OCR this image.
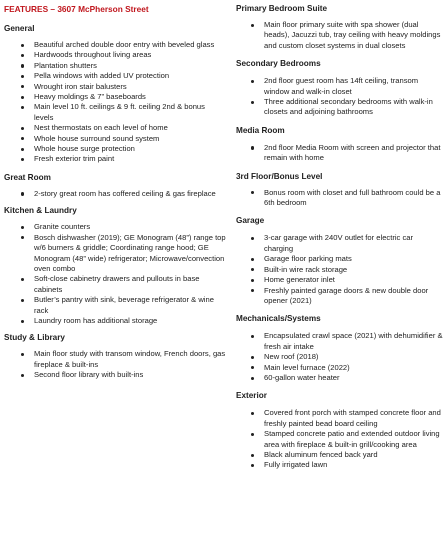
FEATURES – 3607 McPherson Street
General
Beautiful arched double door entry with beveled glass
Hardwoods throughout living areas
Plantation shutters
Pella windows with added UV protection
Wrought iron stair balusters
Heavy moldings & 7” baseboards
Main level 10 ft. ceilings & 9 ft. ceiling 2nd & bonus levels
Nest thermostats on each level of home
Whole house surround sound system
Whole house surge protection
Fresh exterior trim paint
Great Room
2-story great room has coffered ceiling & gas fireplace
Kitchen & Laundry
Granite counters
Bosch dishwasher (2019); GE Monogram (48”) range top w/6 burners & griddle; Coordinating range hood; GE Monogram (48” wide) refrigerator; Microwave/convection oven combo
Soft-close cabinetry drawers and pullouts in base cabinets
Butler’s pantry with sink, beverage refrigerator & wine rack
Laundry room has additional storage
Study & Library
Main floor study with transom window, French doors, gas fireplace & built-ins
Second floor library with built-ins
Primary Bedroom Suite
Main floor primary suite with spa shower (dual heads), Jacuzzi tub, tray ceiling with heavy moldings and custom closet systems in dual closets
Secondary Bedrooms
2nd floor guest room has 14ft ceiling, transom window and walk-in closet
Three additional secondary bedrooms with walk-in closets and adjoining bathrooms
Media Room
2nd floor Media Room with screen and projector that remain with home
3rd Floor/Bonus Level
Bonus room with closet and full bathroom could be a 6th bedroom
Garage
3-car garage with 240V outlet for electric car charging
Garage floor parking mats
Built-in wire rack storage
Home generator inlet
Freshly painted garage doors & new double door opener (2021)
Mechanicals/Systems
Encapsulated crawl space (2021) with dehumidifier & fresh air intake
New roof (2018)
Main level furnace (2022)
60-gallon water heater
Exterior
Covered front porch with stamped concrete floor and freshly painted bead board ceiling
Stamped concrete patio and extended outdoor living area with fireplace & built-in grill/cooking area
Black aluminum fenced back yard
Fully irrigated lawn
